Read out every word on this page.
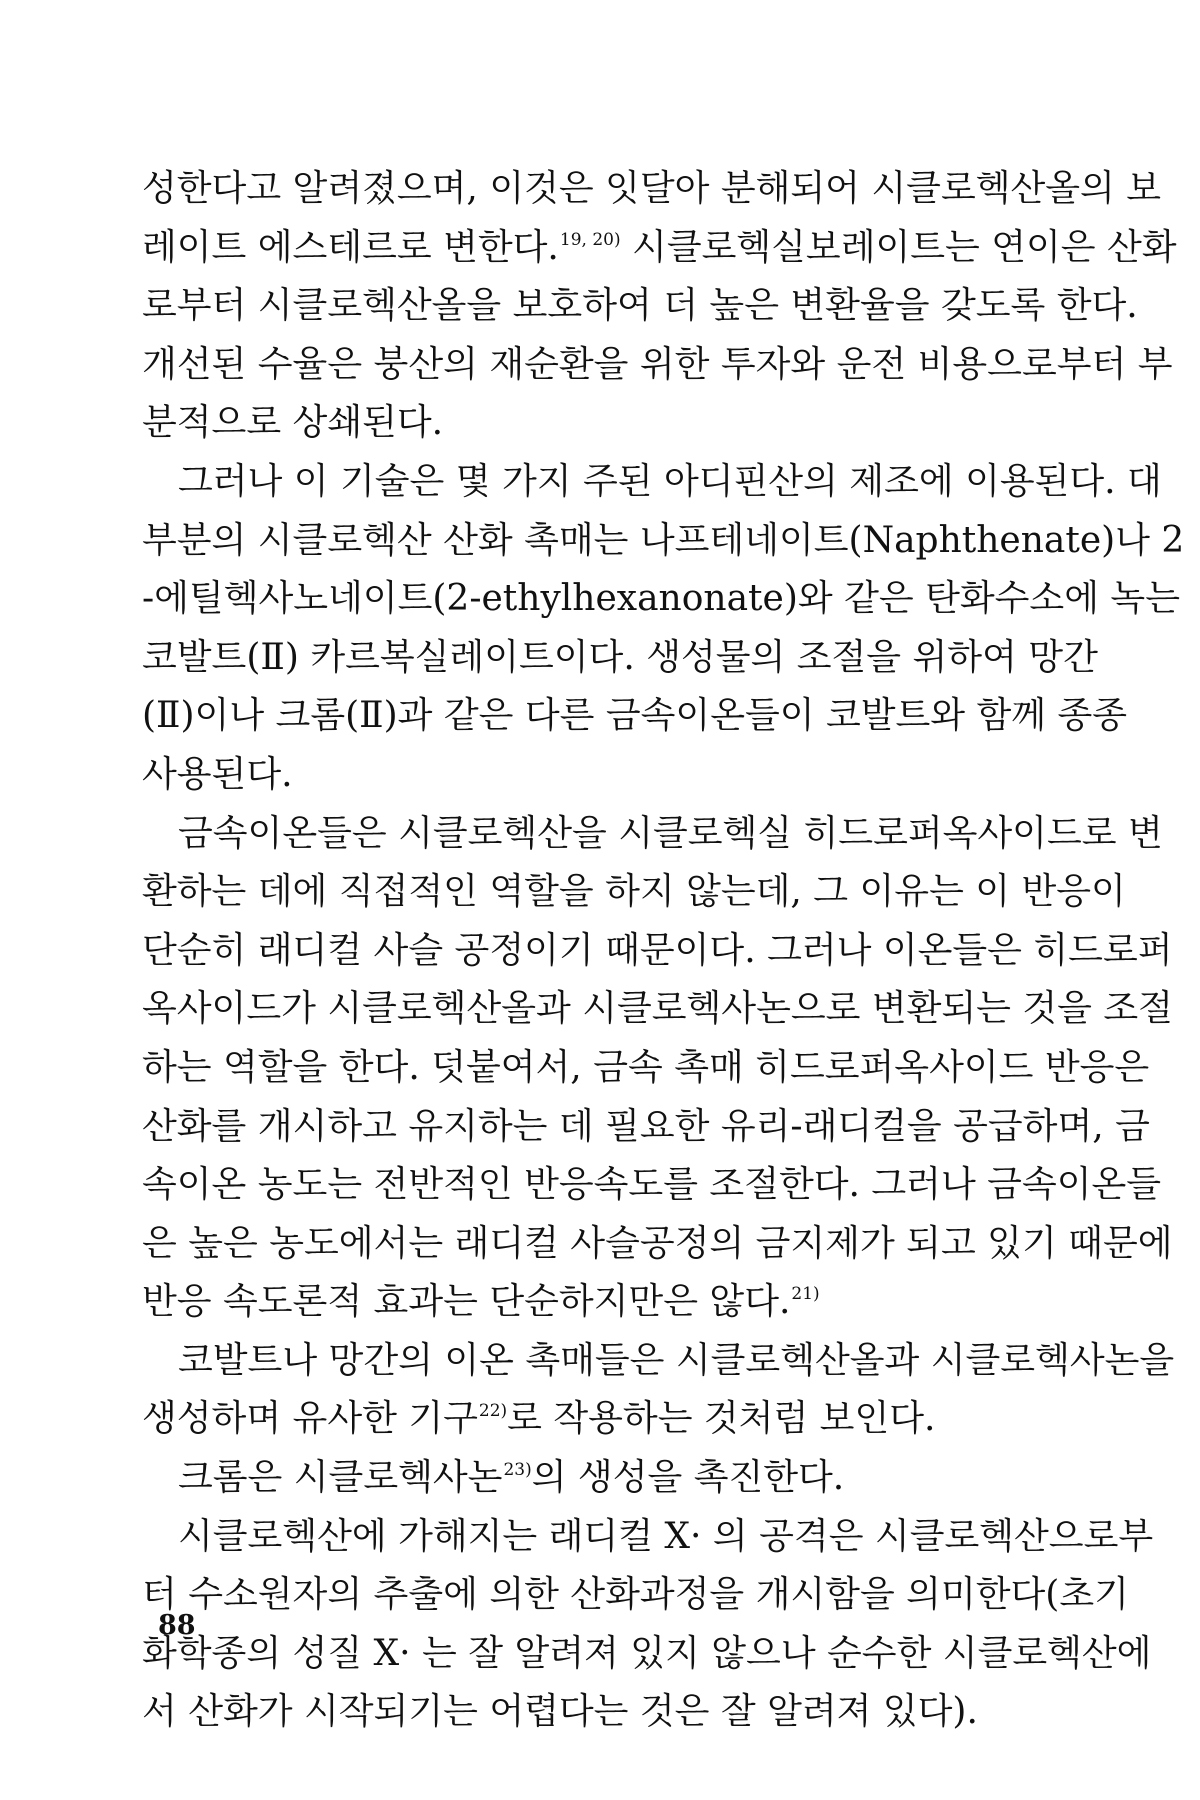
성한다고 알려졌으며, 이것은 잇달아 분해되어 시클로헥산올의 보
레이트 에스테르로 변한다.$^{19, 20)}$ 시클로헥실보레이트는 연이은 산화
로부터 시클로헥산올을 보호하여 더 높은 변환율을 갖도록 한다.
개선된 수율은 붕산의 재순환을 위한 투자와 운전 비용으로부터 부
분적으로 상쇄된다.
그러나 이 기술은 몇 가지 주된 아디핀산의 제조에 이용된다. 대
부분의 시클로헥산 산화 촉매는 나프테네이트(Naphthenate)나 2
-에틸헥사노네이트(2-ethylhexanonate)와 같은 탄화수소에 녹는
코발트(Ⅱ) 카르복실레이트이다. 생성물의 조절을 위하여 망간
(Ⅱ)이나 크롬(Ⅱ)과 같은 다른 금속이온들이 코발트와 함께 종종
사용된다.
금속이온들은 시클로헥산을 시클로헥실 히드로퍼옥사이드로 변
환하는 데에 직접적인 역할을 하지 않는데, 그 이유는 이 반응이
단순히 래디컬 사슬 공정이기 때문이다. 그러나 이온들은 히드로퍼
옥사이드가 시클로헥산올과 시클로헥사논으로 변환되는 것을 조절
하는 역할을 한다. 덧붙여서, 금속 촉매 히드로퍼옥사이드 반응은
산화를 개시하고 유지하는 데 필요한 유리-래디컬을 공급하며, 금
속이온 농도는 전반적인 반응속도를 조절한다. 그러나 금속이온들
은 높은 농도에서는 래디컬 사슬공정의 금지제가 되고 있기 때문에
반응 속도론적 효과는 단순하지만은 않다.$^{21)}$
코발트나 망간의 이온 촉매들은 시클로헥산올과 시클로헥사논을
생성하며 유사한 기구$^{22)}$로 작용하는 것처럼 보인다.
크롬은 시클로헥사논$^{23)}$의 생성을 촉진한다.
시클로헥산에 가해지는 래디컬 X· 의 공격은 시클로헥산으로부
터 수소원자의 추출에 의한 산화과정을 개시함을 의미한다(초기
화학종의 성질 X· 는 잘 알려져 있지 않으나 순수한 시클로헥산에
서 산화가 시작되기는 어렵다는 것은 잘 알려져 있다).
88
